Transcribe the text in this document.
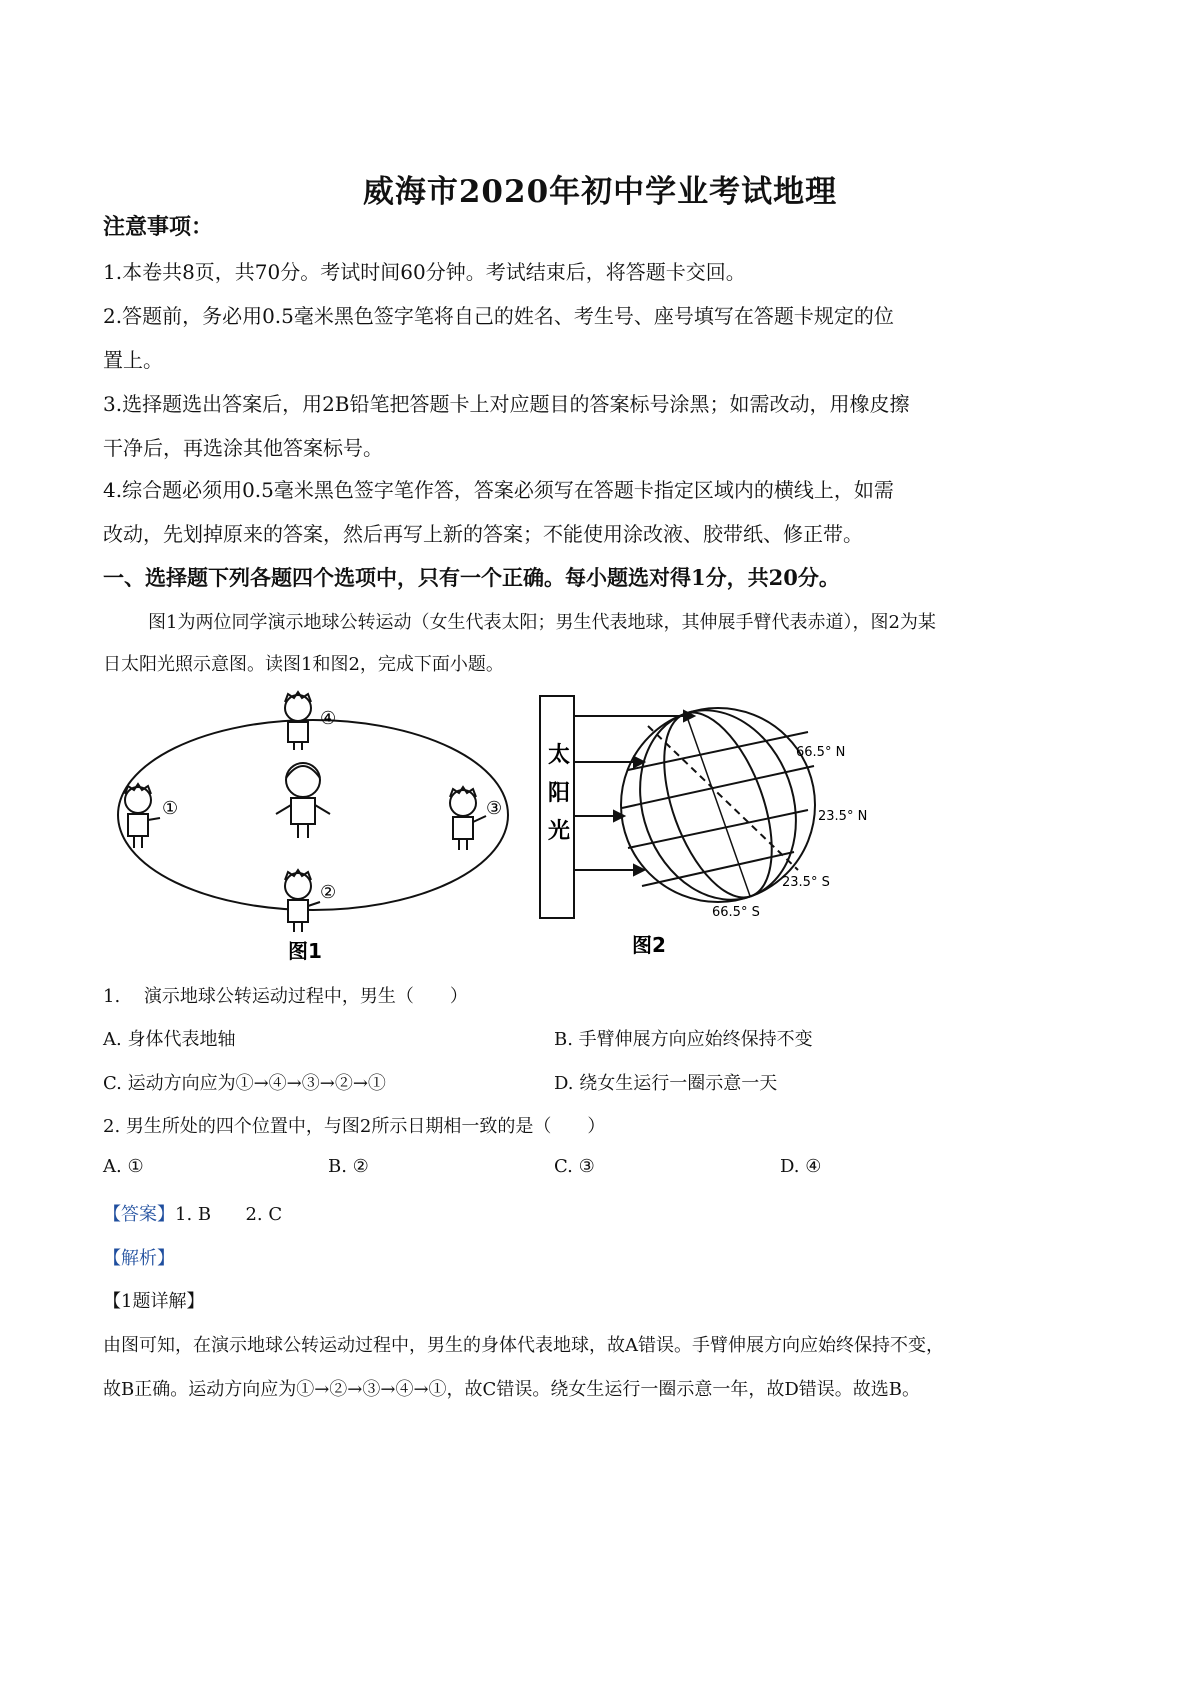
威海市2020年初中学业考试地理
注意事项：
1.本卷共8页，共70分。考试时间60分钟。考试结束后，将答题卡交回。
2.答题前，务必用0.5毫米黑色签字笔将自己的姓名、考生号、座号填写在答题卡规定的位
置上。
3.选择题选出答案后，用2B铅笔把答题卡上对应题目的答案标号涂黑；如需改动，用橡皮擦
干净后，再选涂其他答案标号。
4.综合题必须用0.5毫米黑色签字笔作答，答案必须写在答题卡指定区域内的横线上，如需
改动，先划掉原来的答案，然后再写上新的答案；不能使用涂改液、胶带纸、修正带。
一、选择题下列各题四个选项中，只有一个正确。每小题选对得1分，共20分。
图1为两位同学演示地球公转运动（女生代表太阳；男生代表地球，其伸展手臂代表赤道），图2为某
日太阳光照示意图。读图1和图2，完成下面小题。
①
④
③
②
图1
太
阳
光
66.5° N
23.5° N
23.5° S
66.5° S
图2
1.　 演示地球公转运动过程中，男生（　　）
A. 身体代表地轴	B. 手臂伸展方向应始终保持不变
C. 运动方向应为①→④→③→②→①	D. 绕女生运行一圈示意一天
2. 男生所处的四个位置中，与图2所示日期相一致的是（　　）
A. ①	B. ②	C. ③	D. ④
【答案】1. B 2. C
【解析】
【1题详解】
由图可知，在演示地球公转运动过程中，男生的身体代表地球，故A错误。手臂伸展方向应始终保持不变，
故B正确。运动方向应为①→②→③→④→①，故C错误。绕女生运行一圈示意一年，故D错误。故选B。
